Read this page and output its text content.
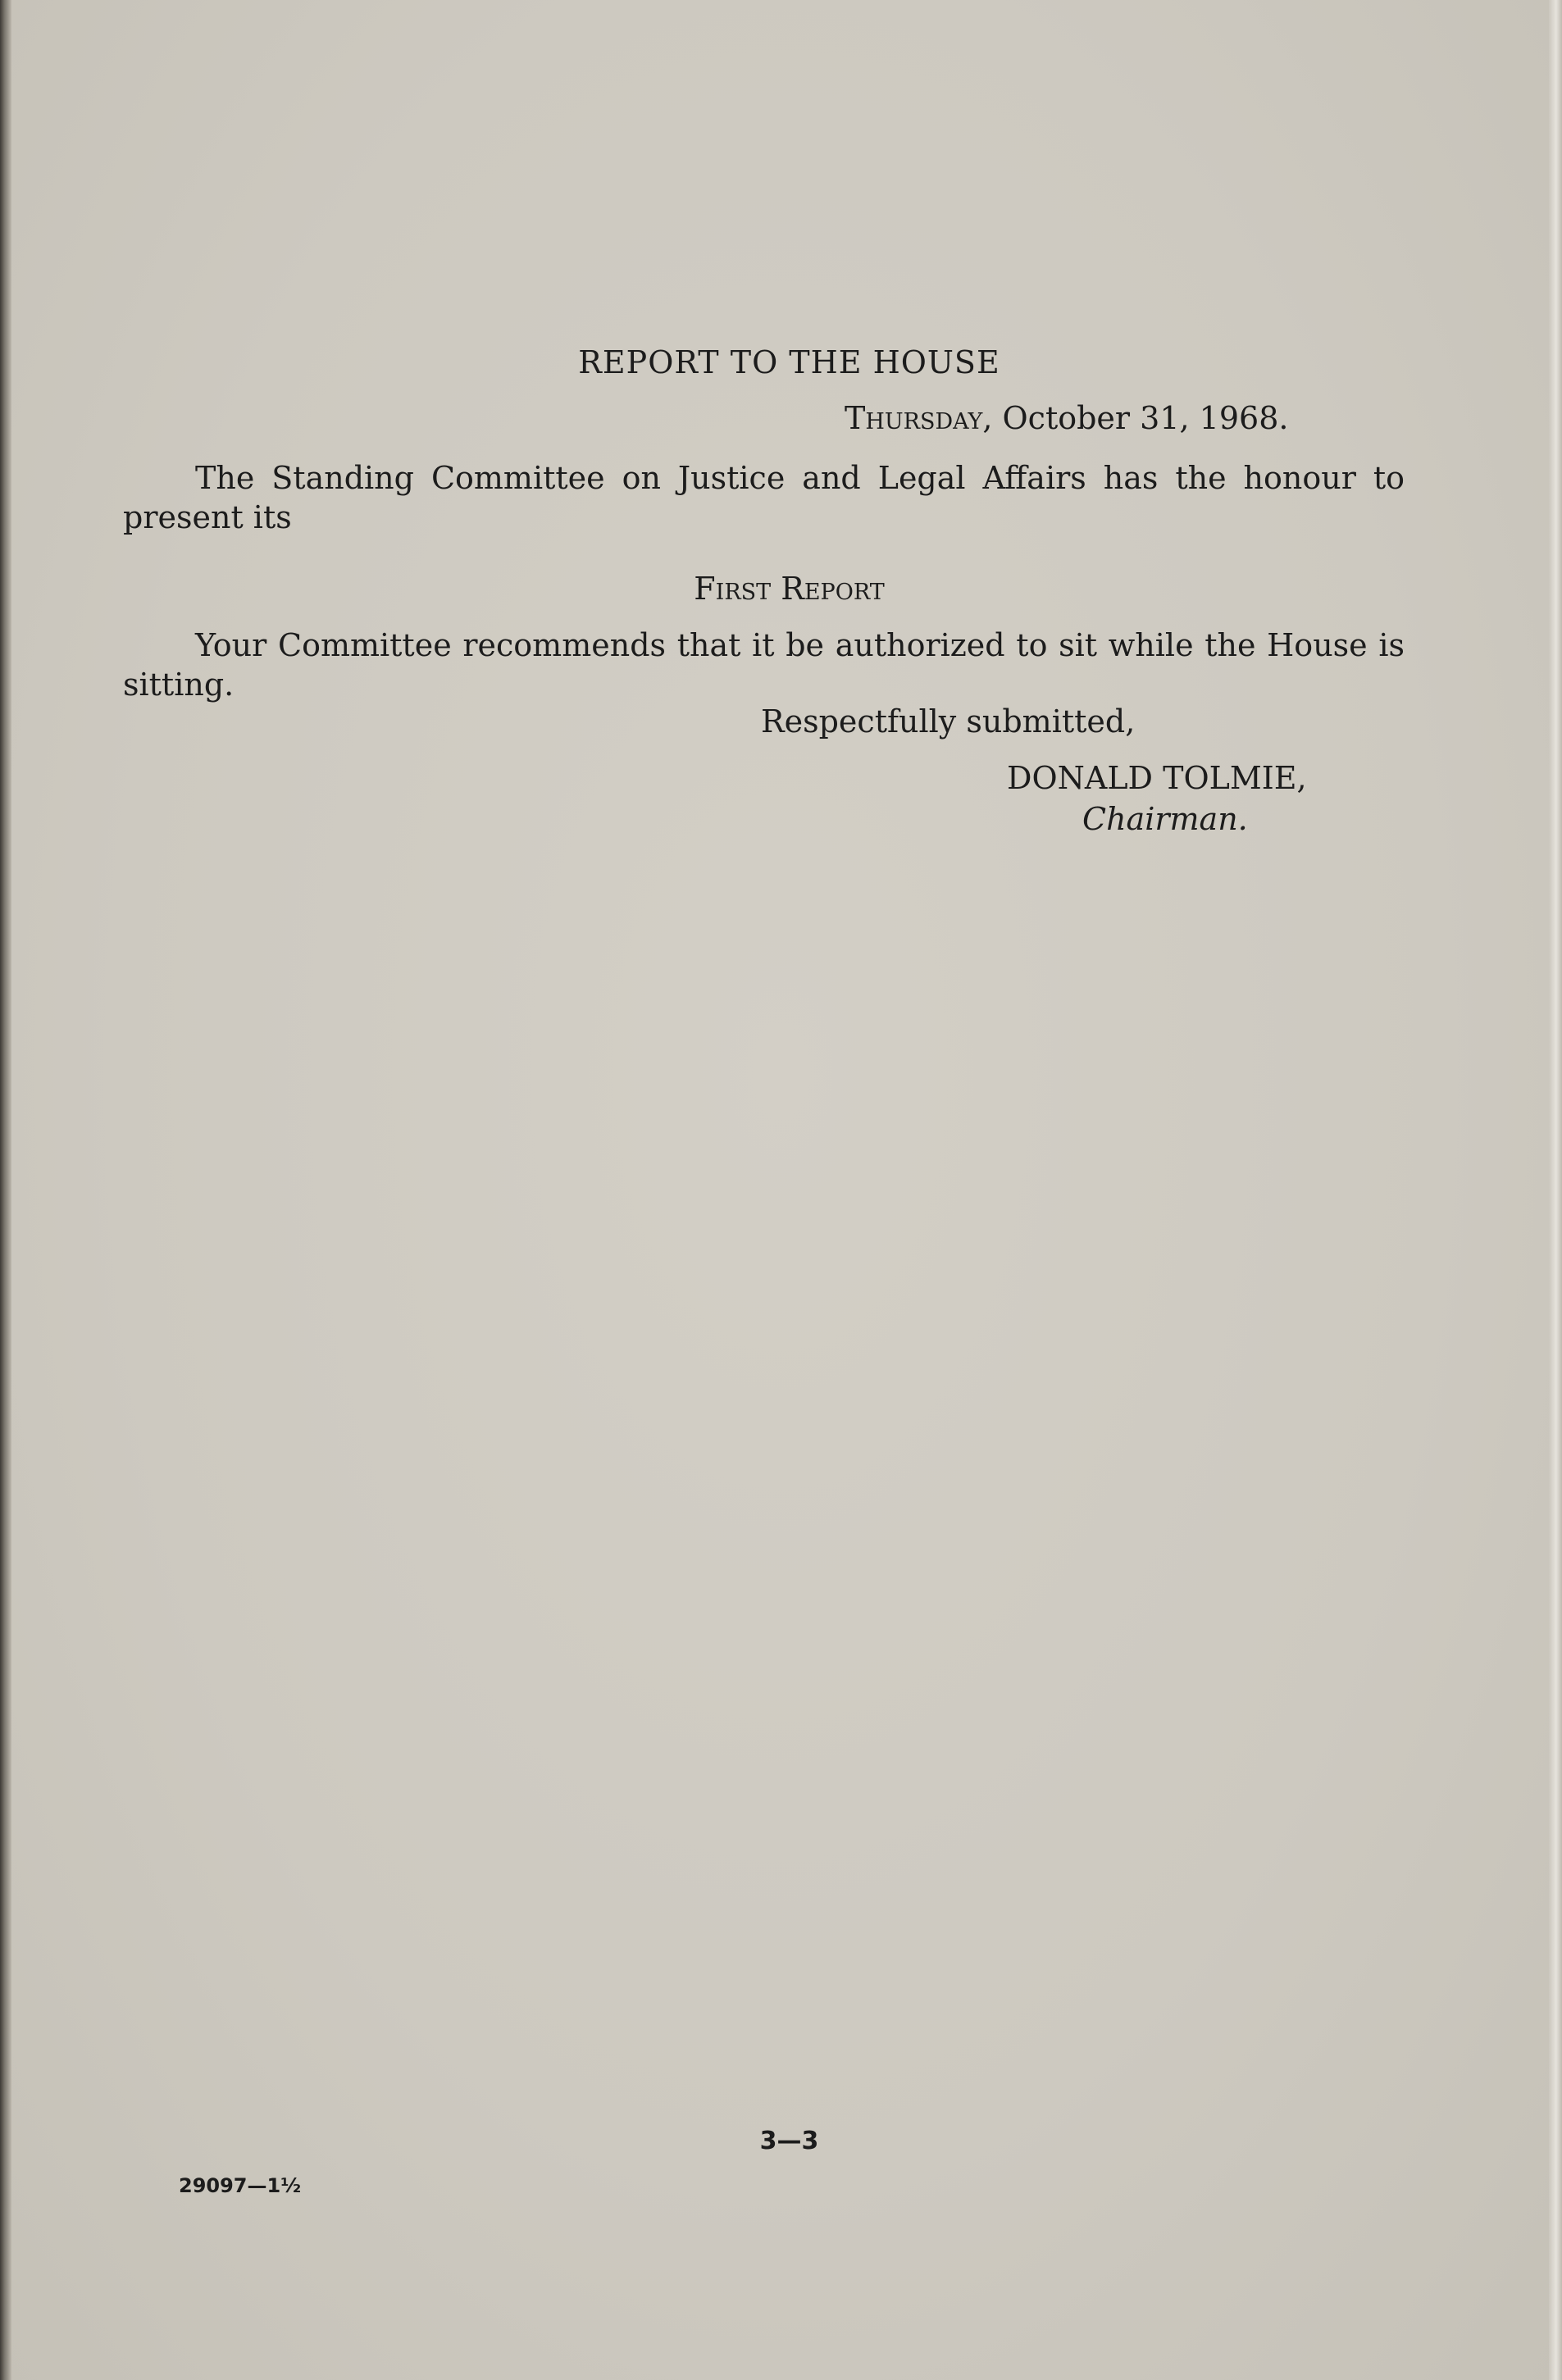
REPORT TO THE HOUSE
Thursday, October 31, 1968.
The Standing Committee on Justice and Legal Affairs has the honour to present its
First Report
Your Committee recommends that it be authorized to sit while the House is sitting.
Respectfully submitted,
DONALD TOLMIE,
Chairman.
3—3
29097—1½
